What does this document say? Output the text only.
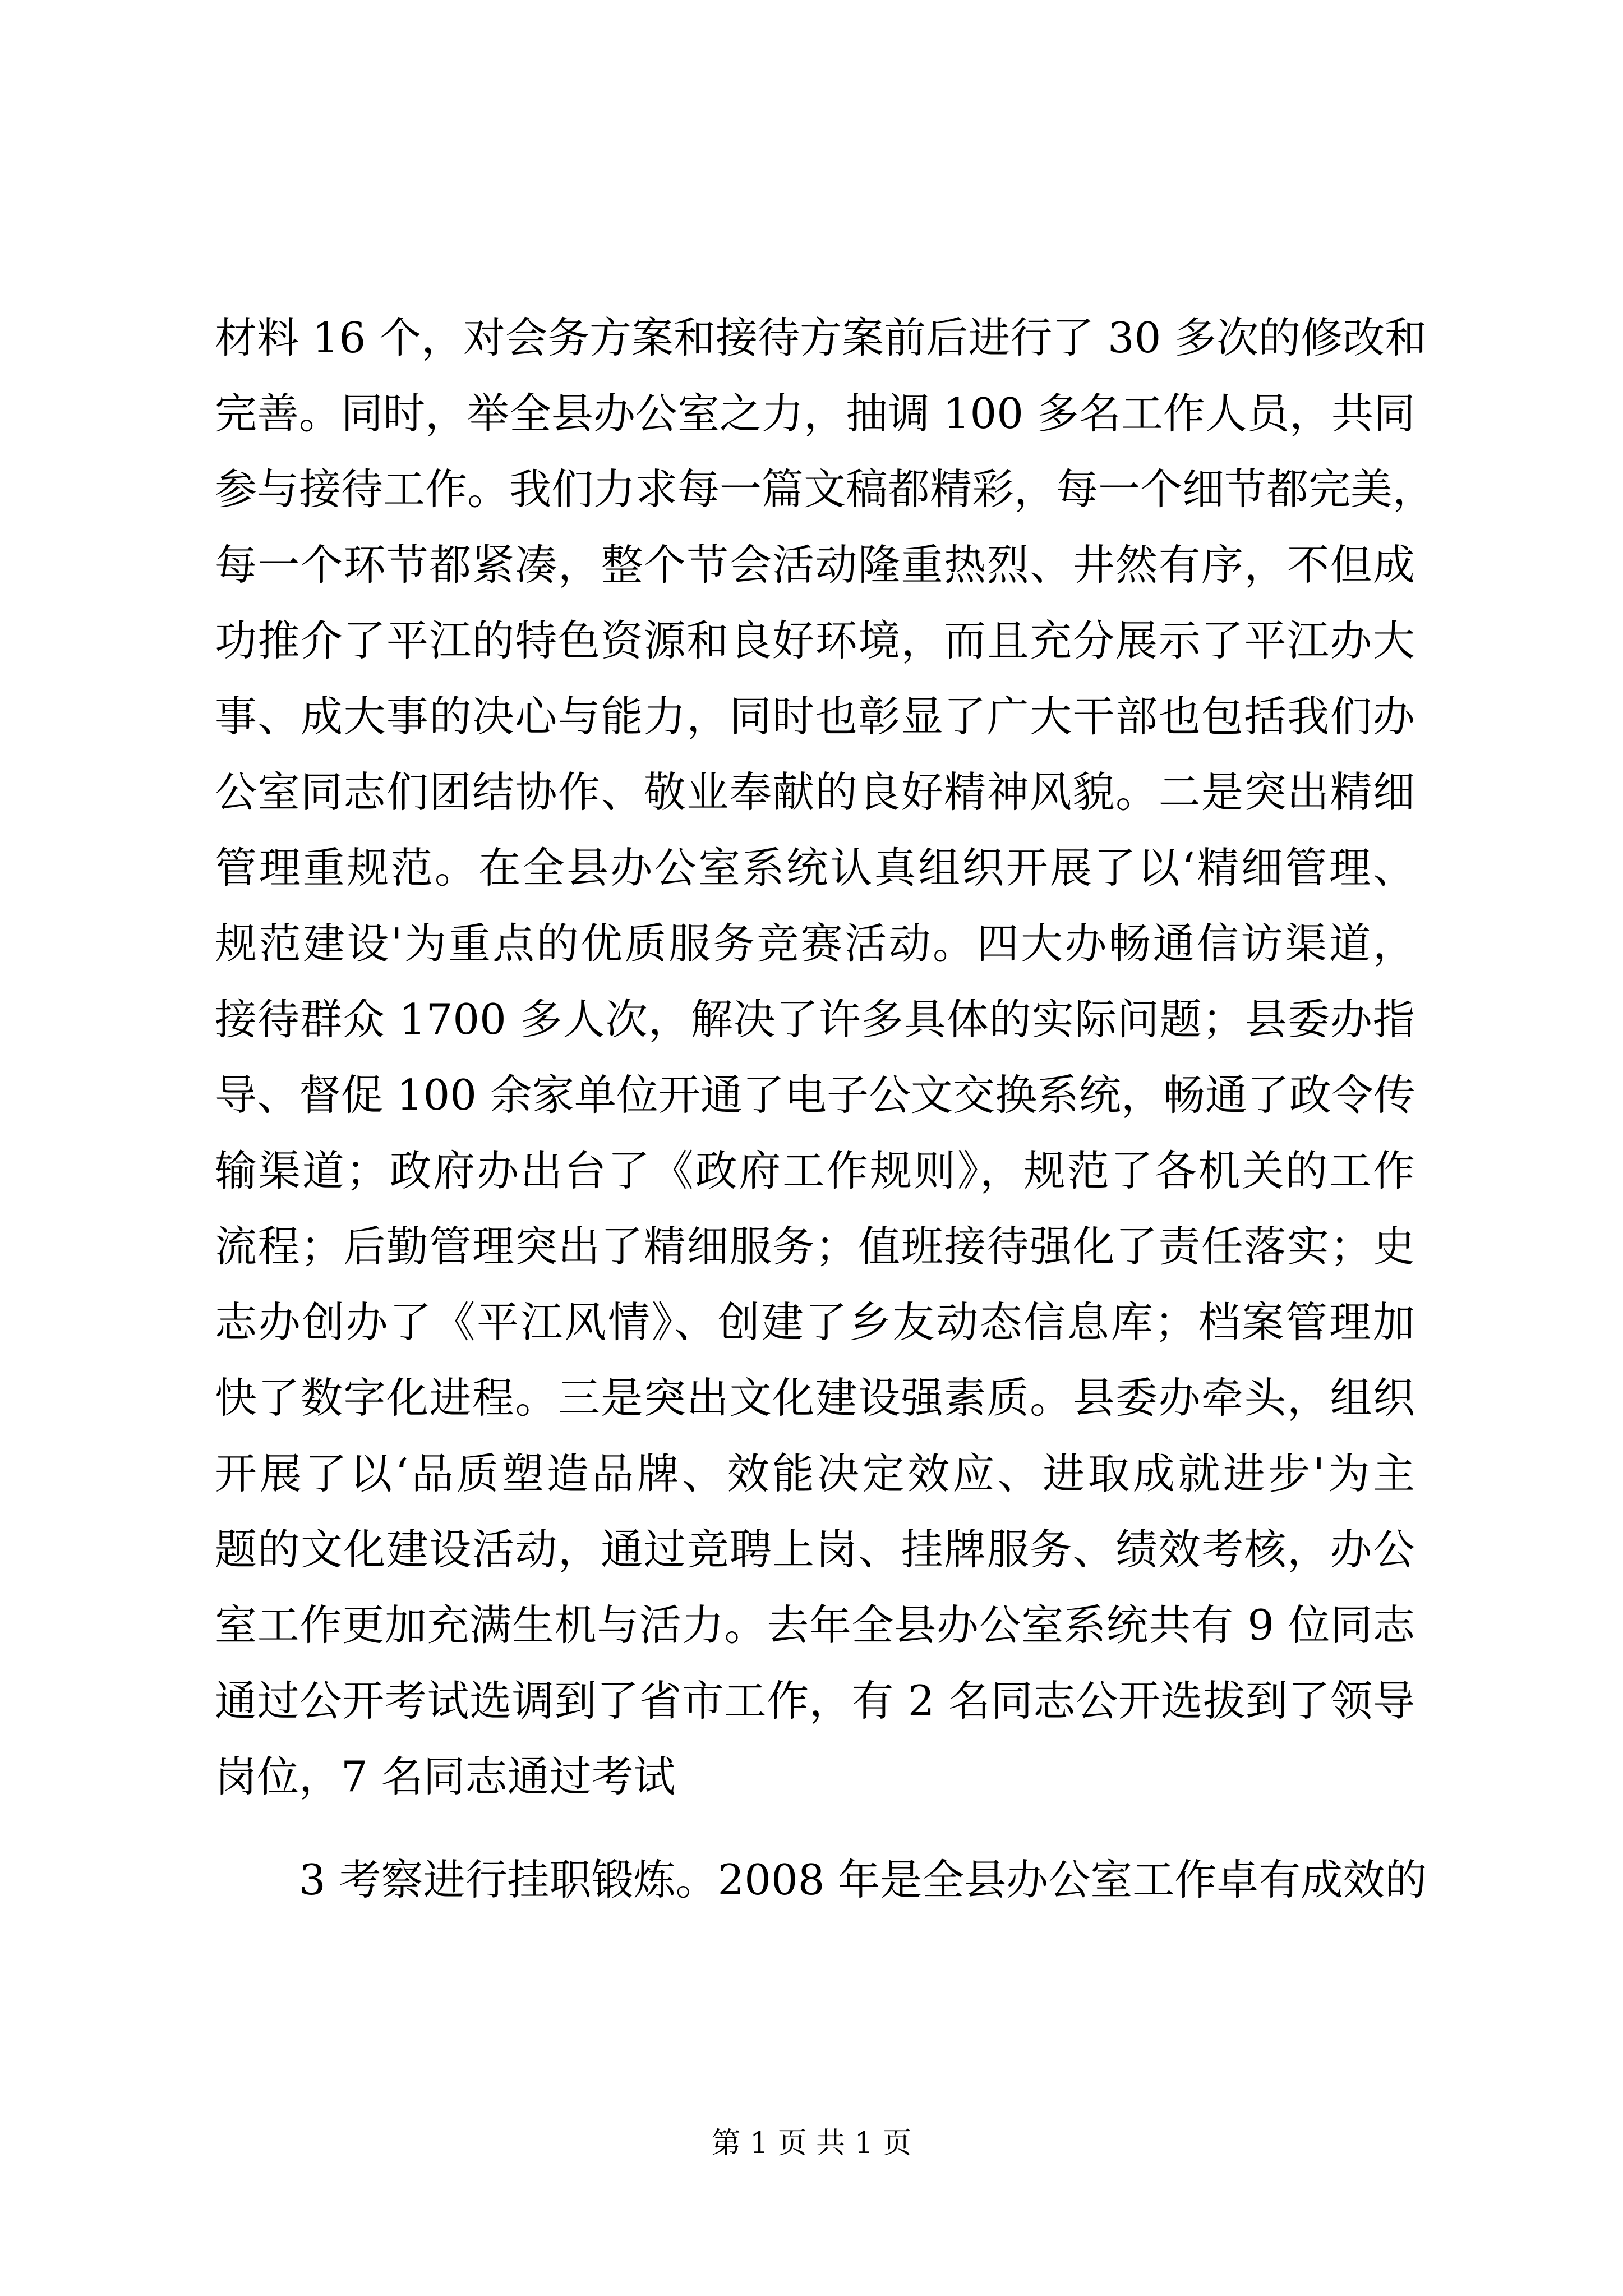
材料 16 个，对会务方案和接待方案前后进行了 30 多次的修改和
完善。同时，举全县办公室之力，抽调 100 多名工作人员，共同
参与接待工作。我们力求每一篇文稿都精彩，每一个细节都完美，
每一个环节都紧凑，整个节会活动隆重热烈、井然有序，不但成
功推介了平江的特色资源和良好环境，而且充分展示了平江办大
事、成大事的决心与能力，同时也彰显了广大干部也包括我们办
公室同志们团结协作、敬业奉献的良好精神风貌。二是突出精细
管理重规范。在全县办公室系统认真组织开展了以‘精细管理、
规范建设'为重点的优质服务竞赛活动。四大办畅通信访渠道，
接待群众 1700 多人次，解决了许多具体的实际问题；县委办指
导、督促 100 余家单位开通了电子公文交换系统，畅通了政令传
输渠道；政府办出台了《政府工作规则》，规范了各机关的工作
流程；后勤管理突出了精细服务；值班接待强化了责任落实；史
志办创办了《平江风情》、创建了乡友动态信息库；档案管理加
快了数字化进程。三是突出文化建设强素质。县委办牵头，组织
开展了以‘品质塑造品牌、效能决定效应、进取成就进步'为主
题的文化建设活动，通过竞聘上岗、挂牌服务、绩效考核，办公
室工作更加充满生机与活力。去年全县办公室系统共有 9 位同志
通过公开考试选调到了省市工作，有 2 名同志公开选拔到了领导
岗位，7 名同志通过考试
3 考察进行挂职锻炼。2008 年是全县办公室工作卓有成效的
第 1 页 共 1 页
